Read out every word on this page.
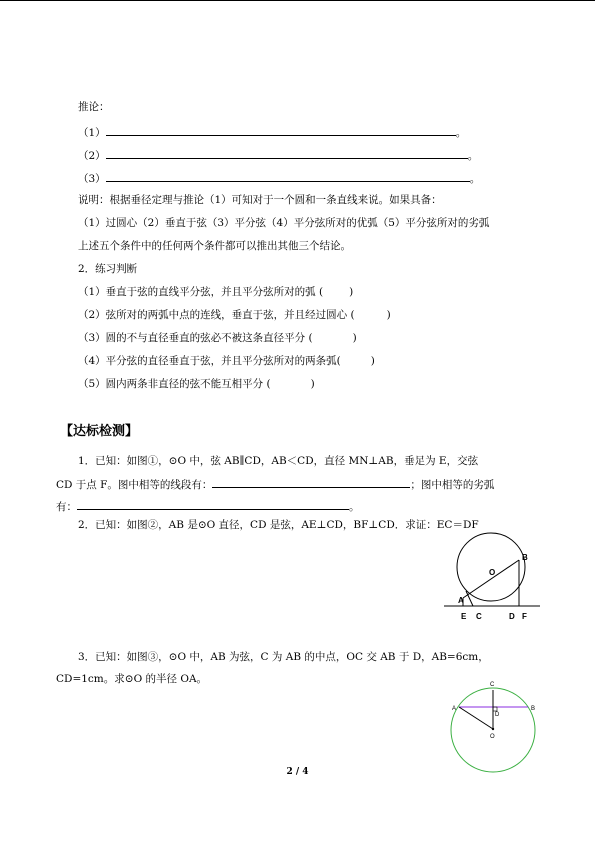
推论：
（1）	。
（2）	。
（3）	。
说明：根据垂径定理与推论（1）可知对于一个圆和一条直线来说。如果具备：
（1）过圆心（2）垂直于弦（3）平分弦（4）平分弦所对的优弧（5）平分弦所对的劣弧
上述五个条件中的任何两个条件都可以推出其他三个结论。
2．练习判断
（1）垂直于弦的直线平分弦，并且平分弦所对的弧 ( )
（2）弦所对的两弧中点的连线，垂直于弦，并且经过圆心 (	)
（3）圆的不与直径垂直的弦必不被这条直径平分 (	)
（4）平分弦的直径垂直于弦，并且平分弦所对的两条弧(	)
（5）圆内两条非直径的弦不能互相平分 (	)
【达标检测】
1．已知：如图①，⊙O 中，弦 AB∥CD，AB＜CD，直径 MN⊥AB，垂足为 E，交弦
CD 于点 F。图中相等的线段有：	；图中相等的劣弧
有：	。
2．已知：如图②，AB 是⊙O 直径，CD 是弦，AE⊥CD，BF⊥CD．求证：EC＝DF
B
O
A
E C	D F
3．已知：如图③，⊙O 中，AB 为弦，C 为 AB 的中点，OC 交 AB 于 D，AB=6cm，
CD=1cm。求⊙O 的半径 OA。	C
A	B
D
O
2 / 4
